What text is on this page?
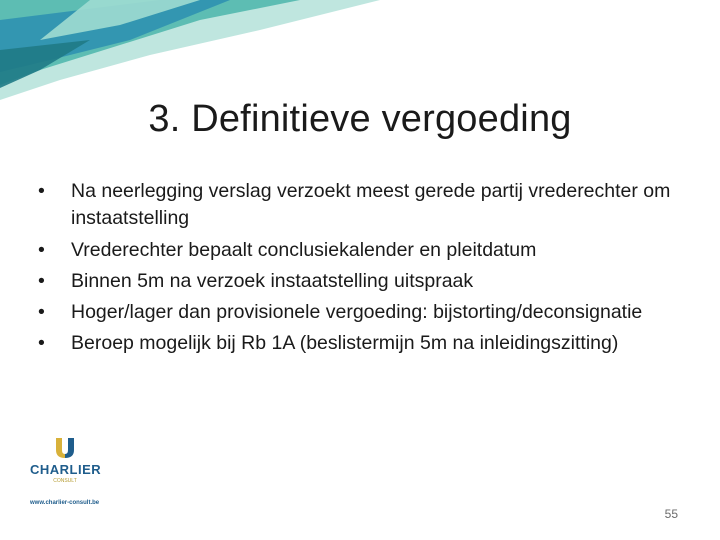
3. Definitieve vergoeding
• Na neerlegging verslag verzoekt meest gerede partij vrederechter om instaatstelling
• Vrederechter bepaalt conclusiekalender en pleitdatum
• Binnen 5m na verzoek instaatstelling uitspraak
• Hoger/lager dan provisionele vergoeding: bijstorting/deconsignatie
• Beroep mogelijk bij Rb 1A (beslistermijn 5m na inleidingszitting)
CHARLIER
CONSULT
www.charlier-consult.be
55
